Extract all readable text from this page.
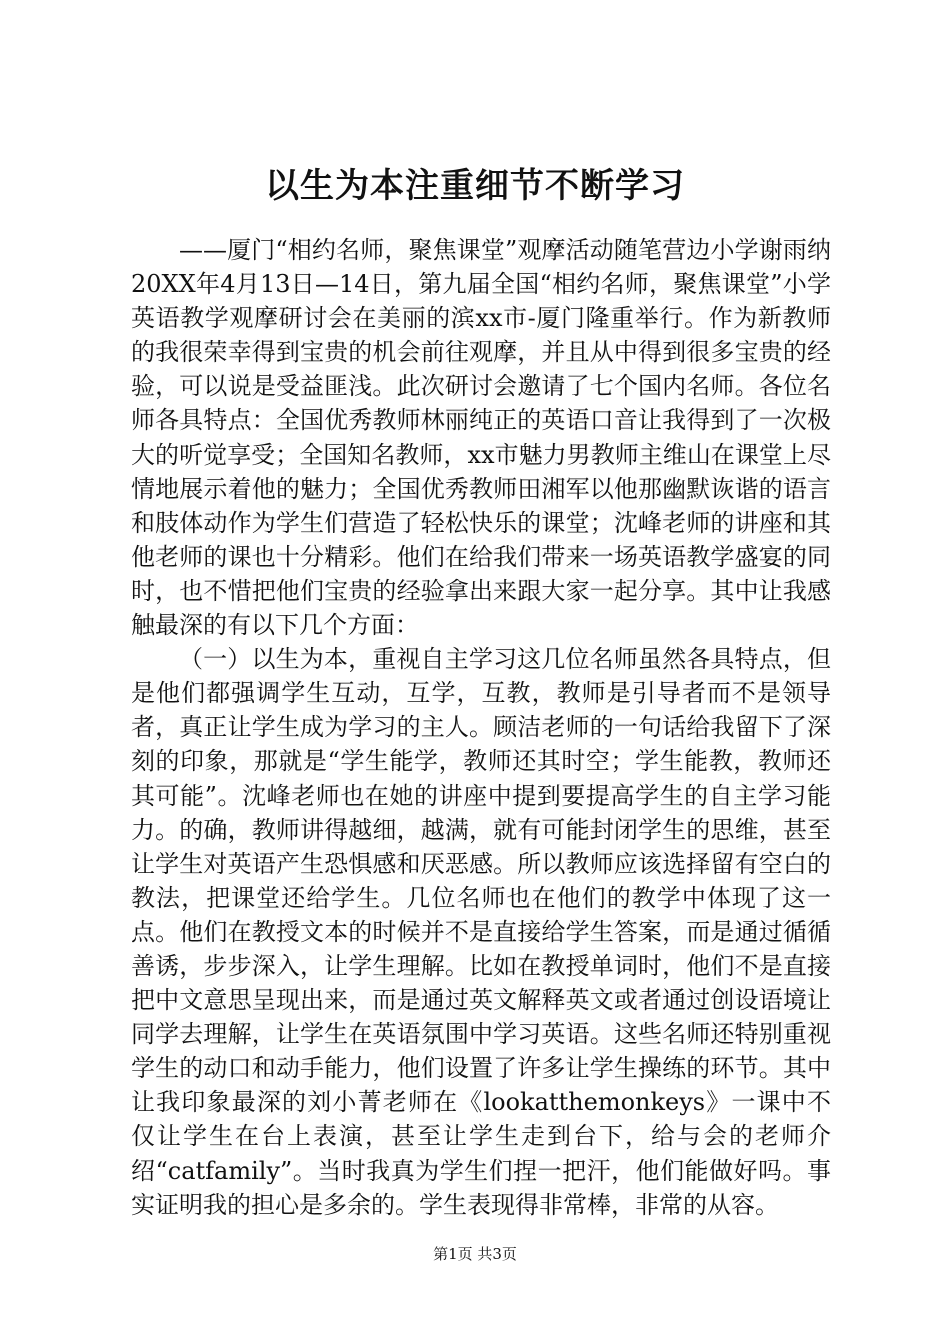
以生为本注重细节不断学习

——厦门“相约名师，聚焦课堂”观摩活动随笔营边小学谢雨纳20XX年4月13日—14日，第九届全国“相约名师，聚焦课堂”小学英语教学观摩研讨会在美丽的滨xx市-厦门隆重举行。作为新教师的我很荣幸得到宝贵的机会前往观摩，并且从中得到很多宝贵的经验，可以说是受益匪浅。此次研讨会邀请了七个国内名师。各位名师各具特点：全国优秀教师林丽纯正的英语口音让我得到了一次极大的听觉享受；全国知名教师，xx市魅力男教师主维山在课堂上尽情地展示着他的魅力；全国优秀教师田湘军以他那幽默诙谐的语言和肢体动作为学生们营造了轻松快乐的课堂；沈峰老师的讲座和其他老师的课也十分精彩。他们在给我们带来一场英语教学盛宴的同时，也不惜把他们宝贵的经验拿出来跟大家一起分享。其中让我感触最深的有以下几个方面：

（一）以生为本，重视自主学习这几位名师虽然各具特点，但是他们都强调学生互动，互学，互教，教师是引导者而不是领导者，真正让学生成为学习的主人。顾洁老师的一句话给我留下了深刻的印象，那就是“学生能学，教师还其时空；学生能教，教师还其可能”。沈峰老师也在她的讲座中提到要提高学生的自主学习能力。的确，教师讲得越细，越满，就有可能封闭学生的思维，甚至让学生对英语产生恐惧感和厌恶感。所以教师应该选择留有空白的教法，把课堂还给学生。几位名师也在他们的教学中体现了这一点。他们在教授文本的时候并不是直接给学生答案，而是通过循循善诱，步步深入，让学生理解。比如在教授单词时，他们不是直接把中文意思呈现出来，而是通过英文解释英文或者通过创设语境让同学去理解，让学生在英语氛围中学习英语。这些名师还特别重视学生的动口和动手能力，他们设置了许多让学生操练的环节。其中让我印象最深的刘小菁老师在《lookatthemonkeys》一课中不仅让学生在台上表演，甚至让学生走到台下，给与会的老师介绍“catfamily”。当时我真为学生们捏一把汗，他们能做好吗。事实证明我的担心是多余的。学生表现得非常棒，非常的从容。

第1页 共3页
